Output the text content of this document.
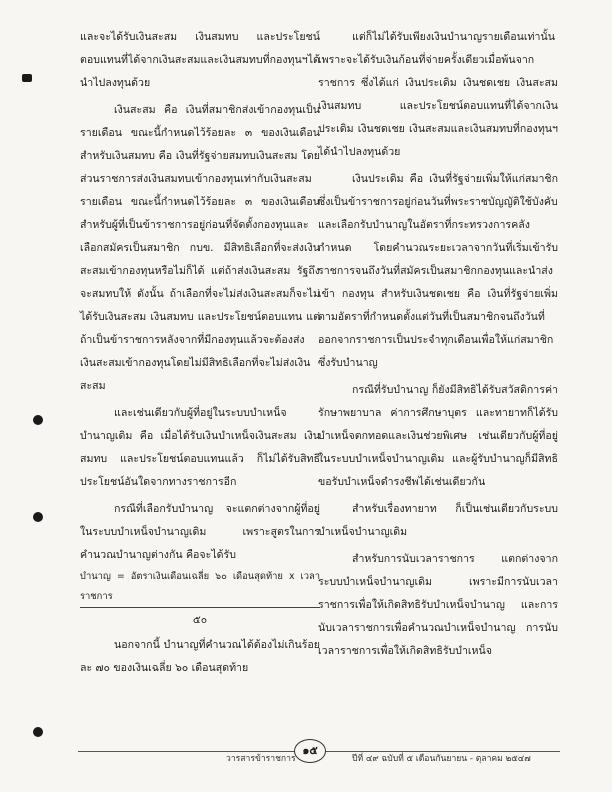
และจะได้รับเงินสะสม เงินสมทบ และประโยชน์ตอบแทนที่ได้จากเงินสะสมและเงินสมทบที่กองทุนฯได้นำไปลงทุนด้วย

เงินสะสม คือ เงินที่สมาชิกส่งเข้ากองทุนเป็นรายเดือน ขณะนี้กำหนดไว้ร้อยละ ๓ ของเงินเดือน สำหรับเงินสมทบ คือ เงินที่รัฐจ่ายสมทบเงินสะสม โดยส่วนราชการส่งเงินสมทบเข้ากองทุนเท่ากับเงินสะสมรายเดือน ขณะนี้กำหนดไว้ร้อยละ ๓ ของเงินเดือน สำหรับผู้ที่เป็นข้าราชการอยู่ก่อนที่จัดตั้งกองทุนและเลือกสมัครเป็นสมาชิก กบข. มีสิทธิเลือกที่จะส่งเงินสะสมเข้ากองทุนหรือไม่ก็ได้ แต่ถ้าส่งเงินสะสม รัฐถึงจะสมทบให้ ดังนั้น ถ้าเลือกที่จะไม่ส่งเงินสะสมก็จะไม่ได้รับเงินสะสม เงินสมทบ และประโยชน์ตอบแทน แต่ถ้าเป็นข้าราชการหลังจากที่มีกองทุนแล้วจะต้องส่งเงินสะสมเข้ากองทุนโดยไม่มีสิทธิเลือกที่จะไม่ส่งเงินสะสม

และเช่นเดียวกับผู้ที่อยู่ในระบบบำเหน็จบำนาญเดิม คือ เมื่อได้รับเงินบำเหน็จเงินสะสม เงินสมทบ และประโยชน์ตอบแทนแล้ว ก็ไม่ได้รับสิทธิประโยชน์อันใดจากทางราชการอีก

กรณีที่เลือกรับบำนาญ จะแตกต่างจากผู้ที่อยู่ในระบบบำเหน็จบำนาญเดิม เพราะสูตรในการคำนวณบำนาญต่างกัน คือจะได้รับ

บำนาญ = อัตราเงินเดือนเฉลี่ย ๖๐ เดือนสุดท้าย x เวลาราชการ

๕๐

นอกจากนี้ บำนาญที่คำนวณได้ต้องไม่เกินร้อยละ ๗๐ ของเงินเฉลี่ย ๖๐ เดือนสุดท้าย

แต่ก็ไม่ได้รับเพียงเงินบำนาญรายเดือนเท่านั้น เพราะจะได้รับเงินก้อนที่จ่ายครั้งเดียวเมื่อพ้นจากราชการ ซึ่งได้แก่ เงินประเดิม เงินชดเชย เงินสะสม เงินสมทบ และประโยชน์ตอบแทนที่ได้จากเงินประเดิม เงินชดเชย เงินสะสมและเงินสมทบที่กองทุนฯได้นำไปลงทุนด้วย

เงินประเดิม คือ เงินที่รัฐจ่ายเพิ่มให้แก่สมาชิกซึ่งเป็นข้าราชการอยู่ก่อนวันที่พระราชบัญญัติใช้บังคับและเลือกรับบำนาญในอัตราที่กระทรวงการคลังกำหนด โดยคำนวณระยะเวลาจากวันที่เริ่มเข้ารับราชการจนถึงวันที่สมัครเป็นสมาชิกกองทุนและนำส่งเข้า กองทุน สำหรับเงินชดเชย คือ เงินที่รัฐจ่ายเพิ่มตามอัตราที่กำหนดตั้งแต่วันที่เป็นสมาชิกจนถึงวันที่ออกจากราชการเป็นประจำทุกเดือนเพื่อให้แก่สมาชิกซึ่งรับบำนาญ

กรณีที่รับบำนาญ ก็ยังมีสิทธิได้รับสวัสดิการค่ารักษาพยาบาล ค่าการศึกษาบุตร และทายาทก็ได้รับบำเหน็จตกทอดและเงินช่วยพิเศษ เช่นเดียวกับผู้ที่อยู่ในระบบบำเหน็จบำนาญเดิม และผู้รับบำนาญก็มีสิทธิขอรับบำเหน็จดำรงชีพได้เช่นเดียวกัน

สำหรับเรื่องทายาท ก็เป็นเช่นเดียวกับระบบบำเหน็จบำนาญเดิม

สำหรับการนับเวลาราชการ แตกต่างจากระบบบำเหน็จบำนาญเดิม เพราะมีการนับเวลาราชการเพื่อให้เกิดสิทธิรับบำเหน็จบำนาญ และการนับเวลาราชการเพื่อคำนวณบำเหน็จบำนาญ การนับเวลาราชการเพื่อให้เกิดสิทธิรับบำเหน็จ

วารสารข้าราชการ
๑๕
ปีที่ ๔๙ ฉบับที่ ๕ เดือนกันยายน - ตุลาคม ๒๕๔๗
